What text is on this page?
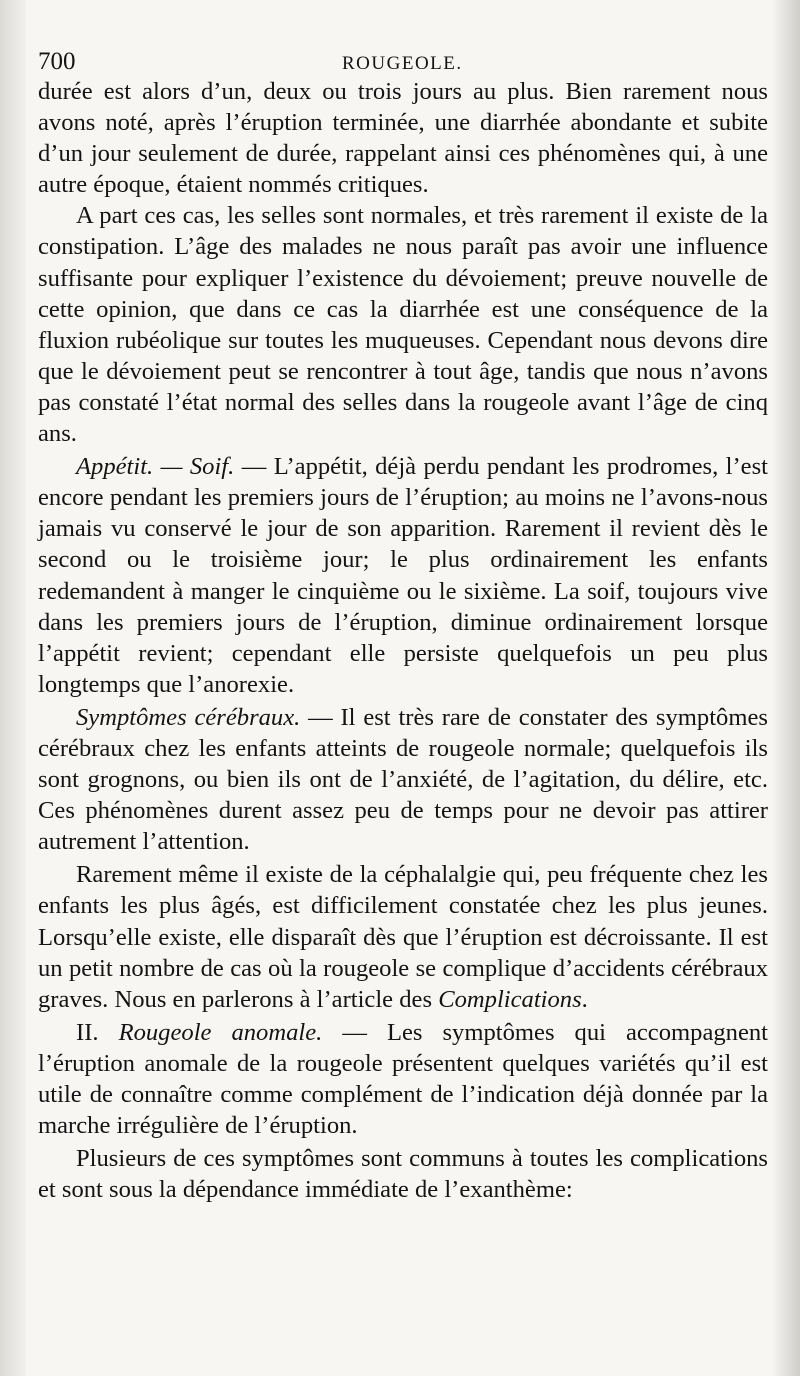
700	ROUGEOLE.

durée est alors d’un, deux ou trois jours au plus. Bien rarement nous avons noté, après l’éruption terminée, une diarrhée abondante et subite d’un jour seulement de durée, rappelant ainsi ces phénomènes qui, à une autre époque, étaient nommés critiques.

A part ces cas, les selles sont normales, et très rarement il existe de la constipation. L’âge des malades ne nous paraît pas avoir une influence suffisante pour expliquer l’existence du dévoiement; preuve nouvelle de cette opinion, que dans ce cas la diarrhée est une conséquence de la fluxion rubéolique sur toutes les muqueuses. Cependant nous devons dire que le dévoiement peut se rencontrer à tout âge, tandis que nous n’avons pas constaté l’état normal des selles dans la rougeole avant l’âge de cinq ans.

Appétit. — Soif. — L’appétit, déjà perdu pendant les prodromes, l’est encore pendant les premiers jours de l’éruption; au moins ne l’avons-nous jamais vu conservé le jour de son apparition. Rarement il revient dès le second ou le troisième jour; le plus ordinairement les enfants redemandent à manger le cinquième ou le sixième. La soif, toujours vive dans les premiers jours de l’éruption, diminue ordinairement lorsque l’appétit revient; cependant elle persiste quelquefois un peu plus longtemps que l’anorexie.

Symptômes cérébraux. — Il est très rare de constater des symptômes cérébraux chez les enfants atteints de rougeole normale; quelquefois ils sont grognons, ou bien ils ont de l’anxiété, de l’agitation, du délire, etc. Ces phénomènes durent assez peu de temps pour ne devoir pas attirer autrement l’attention.

Rarement même il existe de la céphalalgie qui, peu fréquente chez les enfants les plus âgés, est difficilement constatée chez les plus jeunes. Lorsqu’elle existe, elle disparaît dès que l’éruption est décroissante. Il est un petit nombre de cas où la rougeole se complique d’accidents cérébraux graves. Nous en parlerons à l’article des Complications.

II. Rougeole anomale. — Les symptômes qui accompagnent l’éruption anomale de la rougeole présentent quelques variétés qu’il est utile de connaître comme complément de l’indication déjà donnée par la marche irrégulière de l’éruption.

Plusieurs de ces symptômes sont communs à toutes les complications et sont sous la dépendance immédiate de l’exanthème:
